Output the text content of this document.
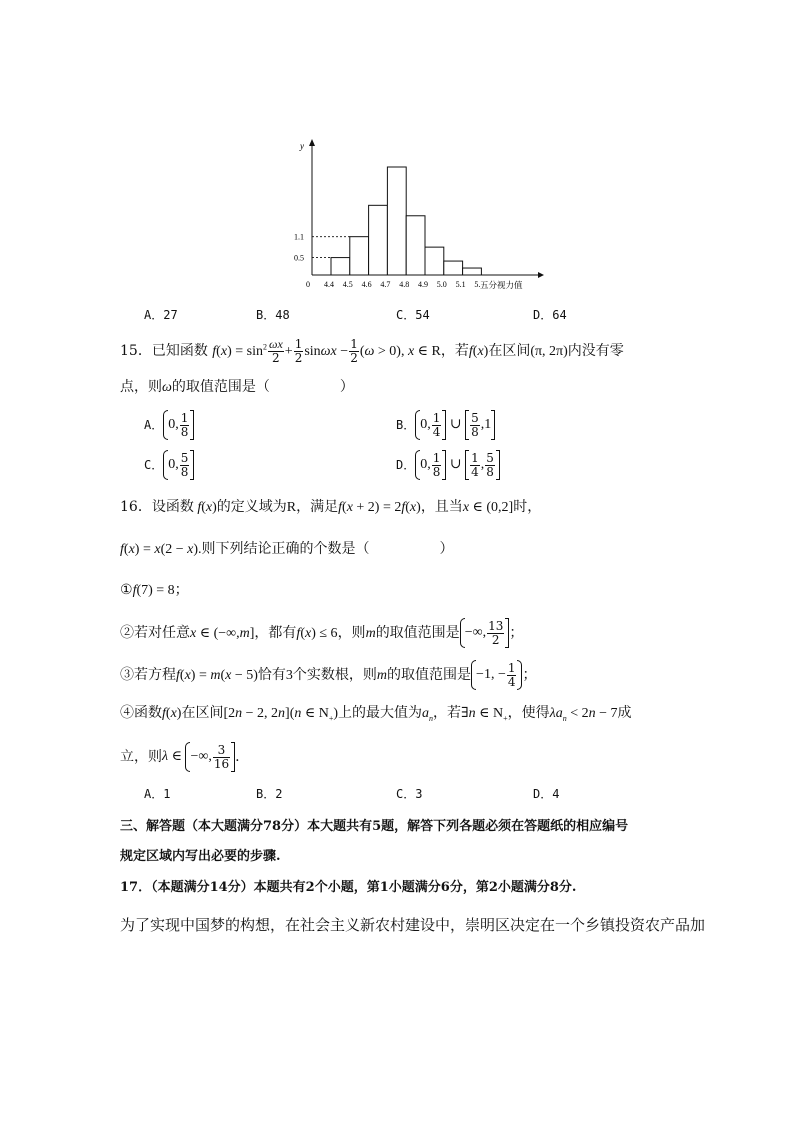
y
0
1.1
0.5
4.4 4.5 4.6 4.7 4.8 4.9 5.0 5.1 5. 五分视力值
A．27	B．48	C．54	D．64
15．已知函数 $f(x) = \sin^2 \frac{\omega x}{2} + \frac{1}{2}$ $\sin\omega x - \frac{1}{2} (\omega > 0)$, x ∈ R，若f(x)在区间(π, 2π)内没有零
点，则ω的取值范围是（　　　　　）
A． 0, $\frac{1}{8}$	B． 0, $\frac{1}{4}$ ∪ $\frac{5}{8} ,1$
C． 0, $\frac{5}{8}$	D． 0, $\frac{1}{8}$ ∪ $\frac{1}{4}$ , $\frac{5}{8}$
16．设函数 f(x)的定义域为R，满足f(x + 2) = 2f(x)，且当x ∈ (0,2]时，
f(x) = x(2 − x).则下列结论正确的个数是（　　　　　）
①f(7) = 8；
②若对任意x ∈ (−∞,m]，都有f(x) ≤ 6，则m的取值范围是 −∞, $\frac{13}{2}$ ；
③若方程f(x) = m(x − 5)恰有3个实数根，则m的取值范围是 −1, − $\frac{1}{4}$ ；
④函数f(x)在区间[2n − 2, 2n](n ∈ $N_+$)上的最大值为$a_n$，若∃n ∈ $N_+$，使得$\lambda a_n < 2n - 7$成
立，则λ ∈ −∞, $\frac{3}{16}$ .
A．1	B．2	C．3	D．4
三、解答题（本大题满分78分）本大题共有5题，解答下列各题必须在答题纸的相应编号
规定区域内写出必要的步骤.
17．（本题满分14分）本题共有2个小题，第1小题满分6分，第2小题满分8分.
为了实现中国梦的构想，在社会主义新农村建设中，崇明区决定在一个乡镇投资农产品加
